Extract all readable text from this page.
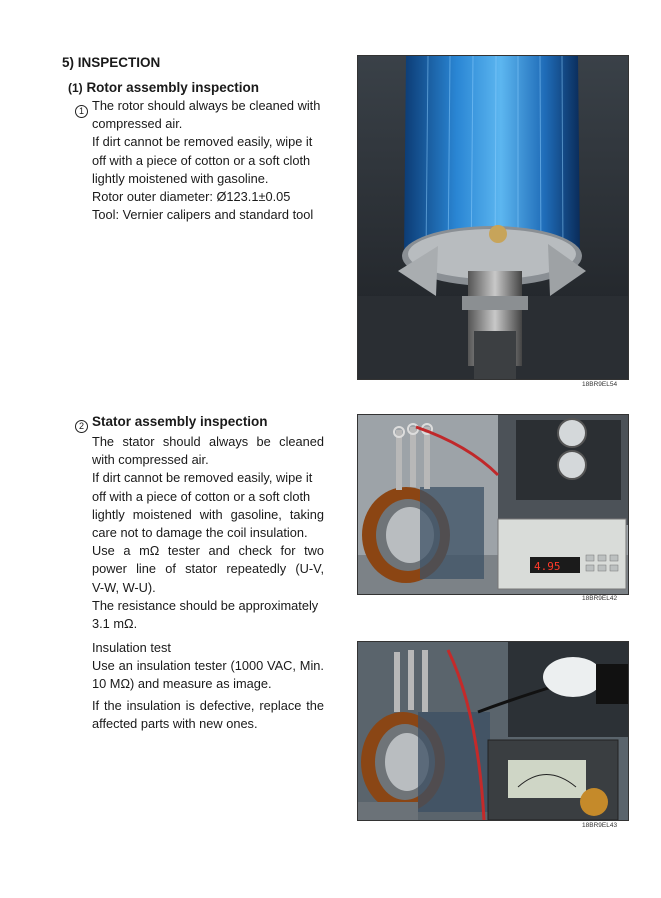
5) INSPECTION
(1) Rotor assembly inspection
1 The rotor should always be cleaned with

compressed air.

If dirt cannot be removed easily, wipe it

off with a piece of cotton or a soft cloth

lightly moistened with gasoline.

Rotor outer diameter: Ø123.1±0.05

Tool: Vernier calipers and standard tool

18BR9EL54
2 Stator assembly inspection

The stator should always be cleaned

with compressed air.

If dirt cannot be removed easily, wipe it

off with a piece of cotton or a soft cloth

lightly moistened with gasoline, taking

care not to damage the coil insulation.

Use a mΩ tester and check for two

power line of stator repeatedly (U-V,

V-W, W-U).

The resistance should be approximately

3.1 mΩ.

4.95
18BR9EL42

Insulation test

Use an insulation tester (1000 VAC, Min.

10 MΩ) and measure as image.

If the insulation is defective, replace the

affected parts with new ones.

18BR9EL43
